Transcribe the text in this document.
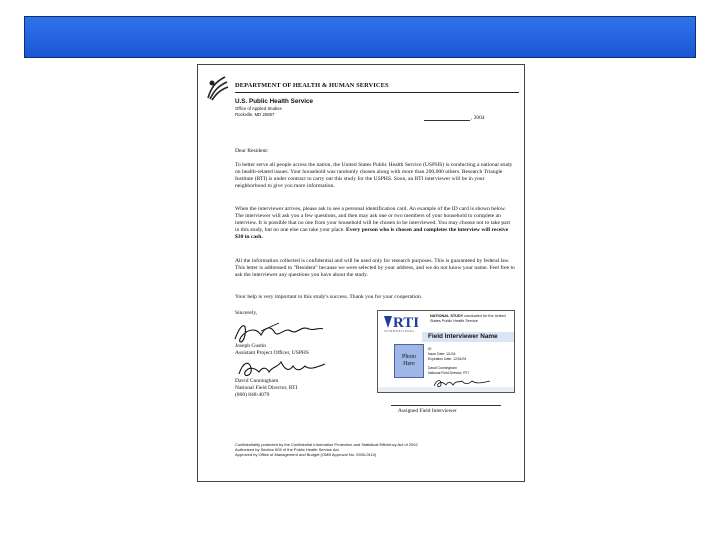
DEPARTMENT OF HEALTH & HUMAN SERVICES
U.S. Public Health Service
Office of Applied Studies
Rockville, MD 20857
, 2004
Dear Resident:
To better serve all people across the nation, the United States Public Health Service (USPHS) is conducting a national study on health-related issues. Your household was randomly chosen along with more than 200,000 others. Research Triangle Institute (RTI) is under contract to carry out this study for the USPHS. Soon, an RTI interviewer will be in your neighborhood to give you more information.
When the interviewer arrives, please ask to see a personal identification card. An example of the ID card is shown below. The interviewer will ask you a few questions, and then may ask one or two members of your household to complete an interview. It is possible that no one from your household will be chosen to be interviewed. You may choose not to take part in this study, but no one else can take your place. Every person who is chosen and completes the interview will receive $30 in cash.
All the information collected is confidential and will be used only for research purposes. This is guaranteed by federal law. This letter is addressed to "Resident" because we were selected by your address, and we do not know your name. Feel free to ask the interviewer any questions you have about the study.
Your help is very important to this study's success. Thank you for your cooperation.
Sincerely,
Joseph Gustin
Assistant Project Officer, USPHS
David Cunningham
National Field Director, RTI
(800) 848-4079
RTI
INTERNATIONAL
NATIONAL STUDY conducted for the United States Public Health Service
Field Interviewer Name
Photo
Here
ID
Issue Date: 1/1/04
Expiration Date: 12/31/04
David Cunningham
National Field Director, RTI
Assigned Field Interviewer
Confidentiality protected by the Confidential Information Protection and Statistical Efficiency Act of 2002
Authorized by Section 505 of the Public Health Service Act
Approved by Office of Management and Budget (OMB Approval No. 0930-0110)
